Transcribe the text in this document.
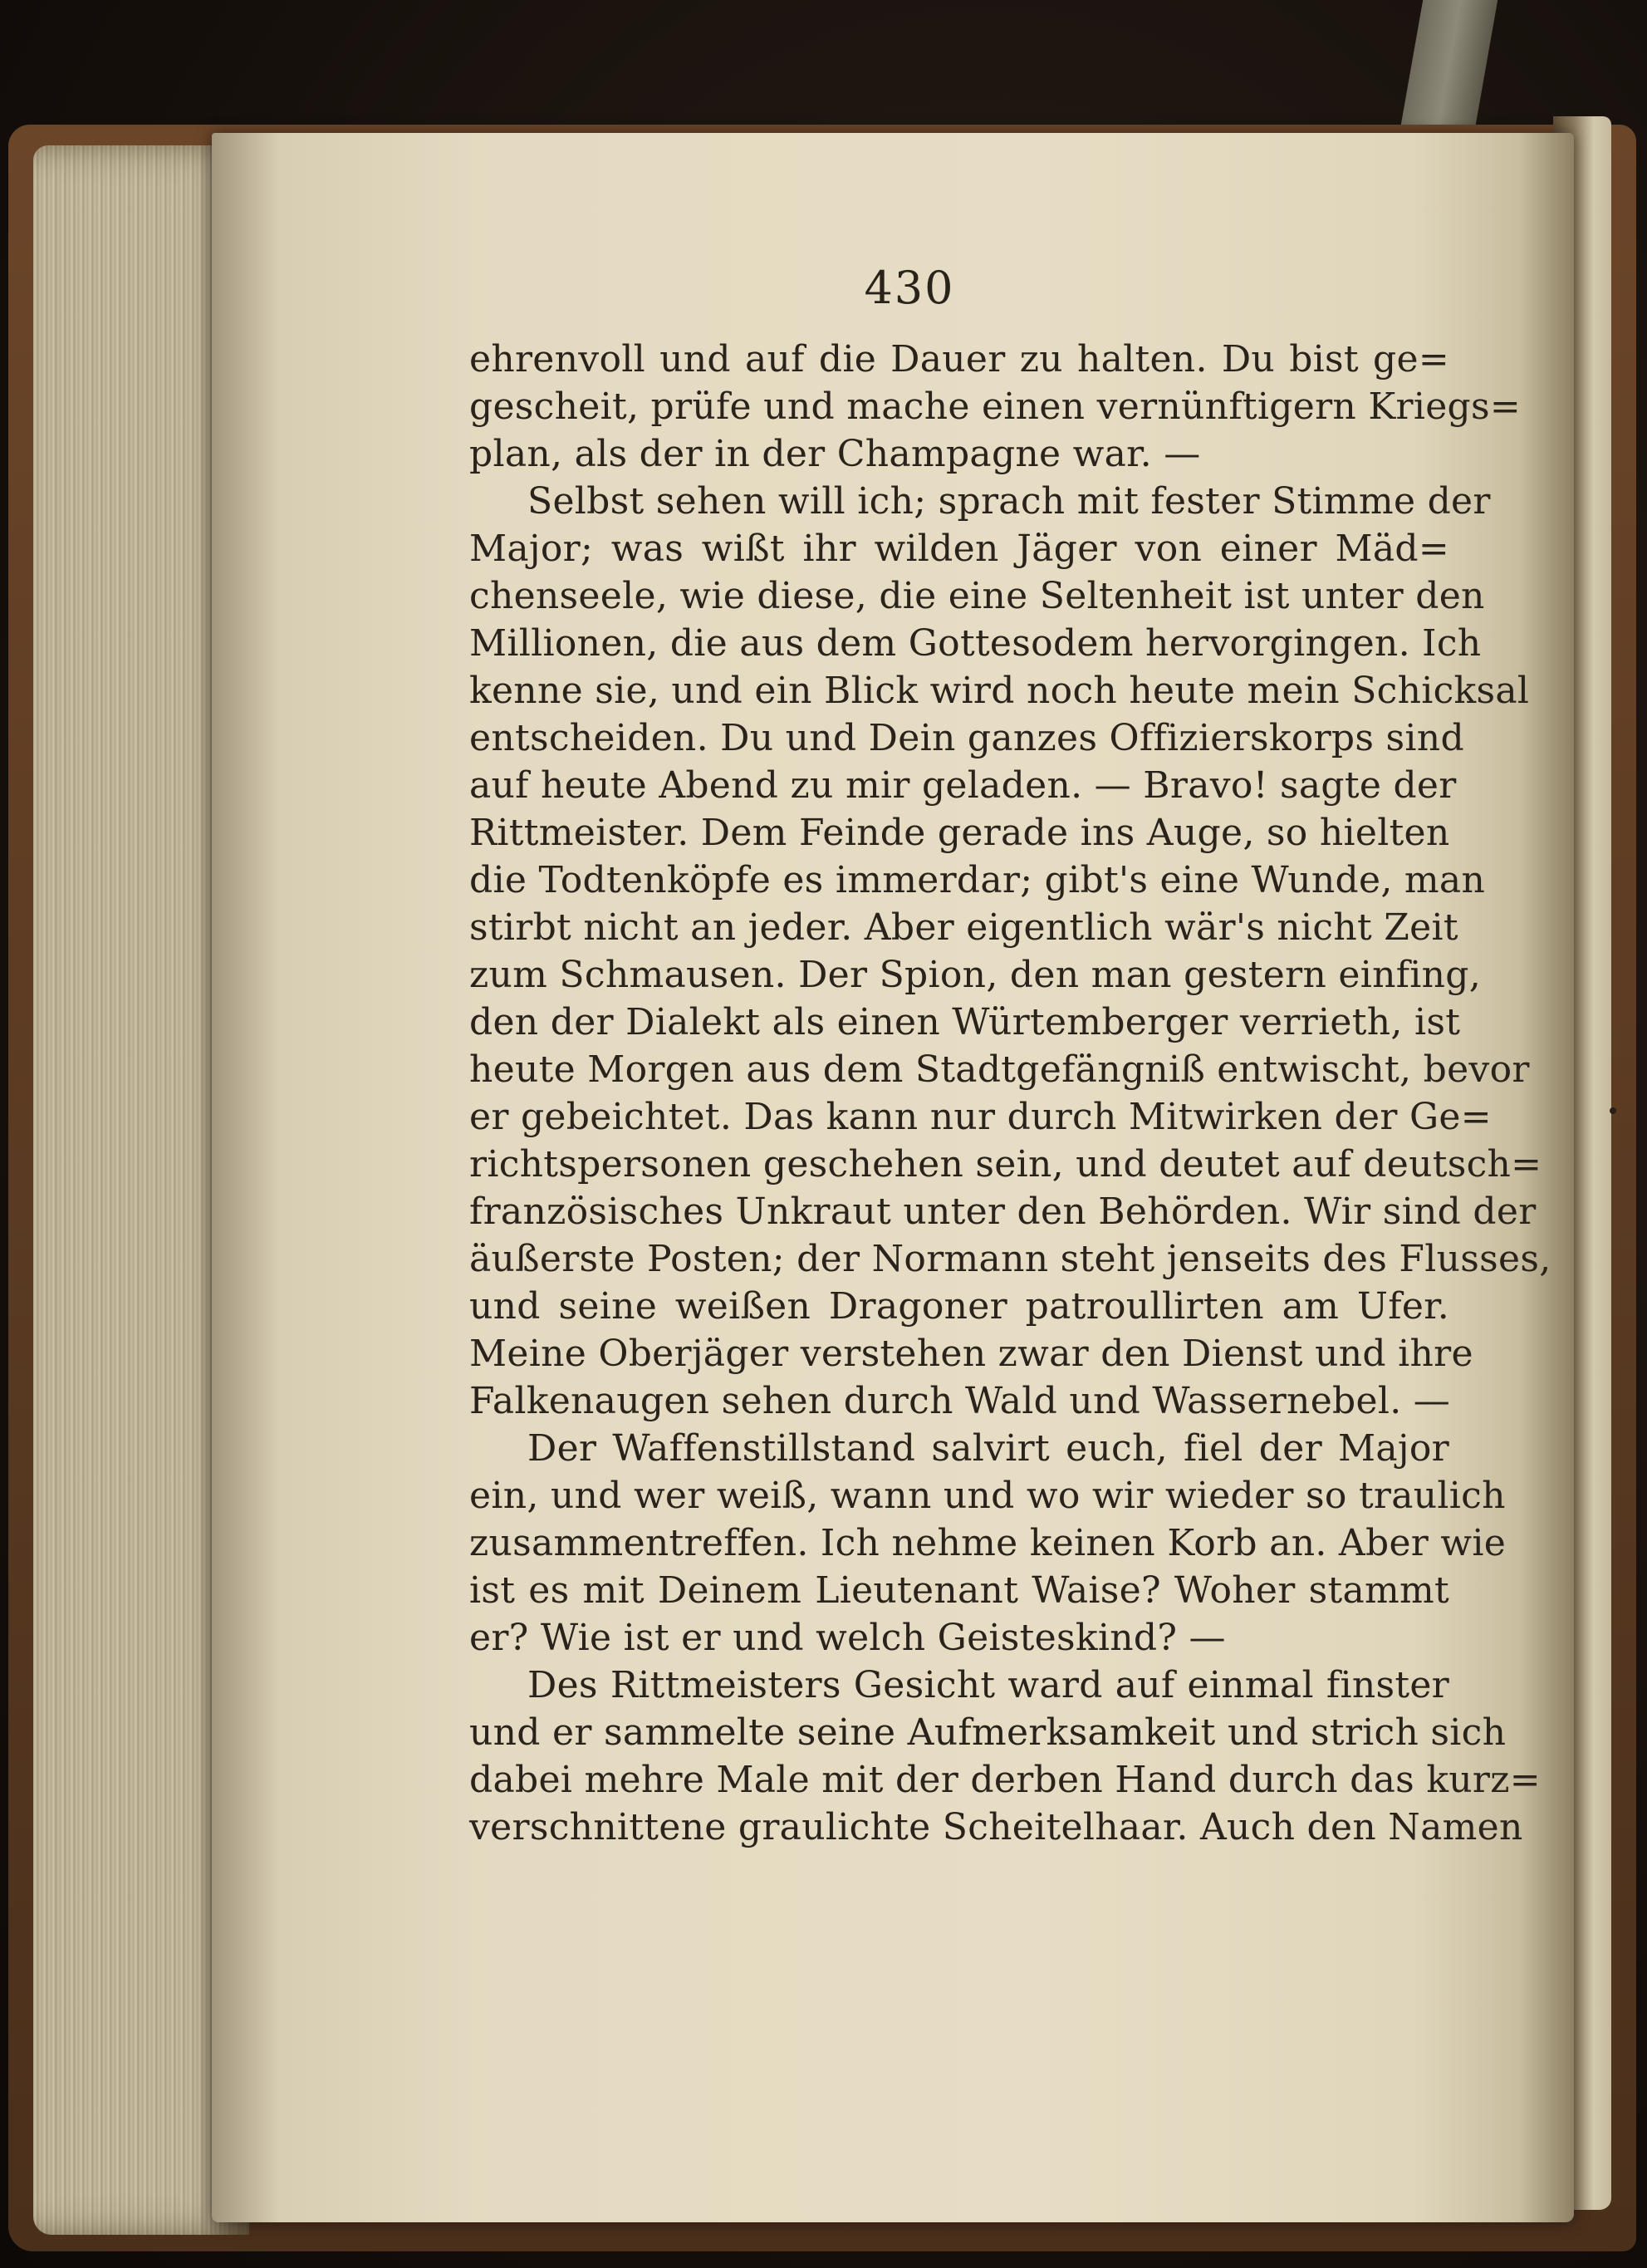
430
ehrenvoll und auf die Dauer zu halten. Du bist ge=
gescheit, prüfe und mache einen vernünftigern Kriegs=
plan, als der in der Champagne war. —
Selbst sehen will ich; sprach mit fester Stimme der
Major; was wißt ihr wilden Jäger von einer Mäd=
chenseele, wie diese, die eine Seltenheit ist unter den
Millionen, die aus dem Gottesodem hervorgingen. Ich
kenne sie, und ein Blick wird noch heute mein Schicksal
entscheiden. Du und Dein ganzes Offizierskorps sind
auf heute Abend zu mir geladen. — Bravo! sagte der
Rittmeister. Dem Feinde gerade ins Auge, so hielten
die Todtenköpfe es immerdar; gibt's eine Wunde, man
stirbt nicht an jeder. Aber eigentlich wär's nicht Zeit
zum Schmausen. Der Spion, den man gestern einfing,
den der Dialekt als einen Würtemberger verrieth, ist
heute Morgen aus dem Stadtgefängniß entwischt, bevor
er gebeichtet. Das kann nur durch Mitwirken der Ge=
richtspersonen geschehen sein, und deutet auf deutsch=
französisches Unkraut unter den Behörden. Wir sind der
äußerste Posten; der Normann steht jenseits des Flusses,
und seine weißen Dragoner patroullirten am Ufer.
Meine Oberjäger verstehen zwar den Dienst und ihre
Falkenaugen sehen durch Wald und Wassernebel. —
Der Waffenstillstand salvirt euch, fiel der Major
ein, und wer weiß, wann und wo wir wieder so traulich
zusammentreffen. Ich nehme keinen Korb an. Aber wie
ist es mit Deinem Lieutenant Waise? Woher stammt
er? Wie ist er und welch Geisteskind? —
Des Rittmeisters Gesicht ward auf einmal finster
und er sammelte seine Aufmerksamkeit und strich sich
dabei mehre Male mit der derben Hand durch das kurz=
verschnittene graulichte Scheitelhaar. Auch den Namen
